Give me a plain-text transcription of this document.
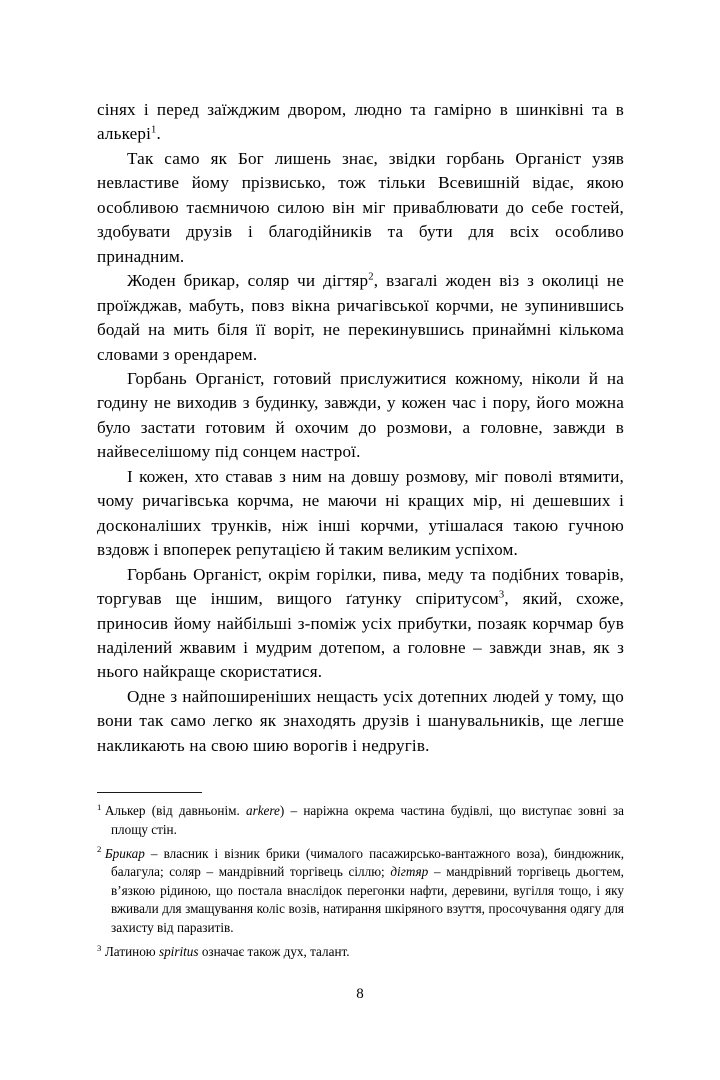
сінях і перед заїжджим двором, людно та гамірно в шинківні та в алькері$^1$.

Так само як Бог лишень знає, звідки горбань Органіст узяв невластиве йому прізвисько, тож тільки Всевишній відає, якою особливою таємничою силою він міг приваблювати до себе гостей, здобувати друзів і благодійників та бути для всіх особливо принадним.

Жоден брикар, соляр чи дігтяр$^2$, взагалі жоден віз з околиці не проїжджав, мабуть, повз вікна ричагівської корчми, не зупинившись бодай на мить біля її воріт, не перекинувшись принаймні кількома словами з орендарем.

Горбань Органіст, готовий прислужитися кожному, ніколи й на годину не виходив з будинку, завжди, у кожен час і пору, його можна було застати готовим й охочим до розмови, а головне, завжди в найвеселішому під сонцем настрої.

І кожен, хто ставав з ним на довшу розмову, міг поволі втямити, чому ричагівська корчма, не маючи ні кращих мір, ні дешевших і досконаліших трунків, ніж інші корчми, утішалася такою гучною вздовж і впоперек репутацією й таким великим успіхом.

Горбань Органіст, окрім горілки, пива, меду та подібних товарів, торгував ще іншим, вищого ґатунку спіритусом$^3$, який, схоже, приносив йому найбільші з-поміж усіх прибутки, позаяк корчмар був наділений жвавим і мудрим дотепом, а головне – завжди знав, як з нього найкраще скористатися.

Одне з найпоширеніших нещасть усіх дотепних людей у тому, що вони так само легко як знаходять друзів і шанувальників, ще легше накликають на свою шию ворогів і недругів.

$^1$ Алькер (від давньонім. arkere) – наріжна окрема частина будівлі, що виступає зовні за площу стін.

$^2$ Брикар – власник і візник брики (чималого пасажирсько-вантажного воза), биндюжник, балагула; соляр – мандрівний торгівець сіллю; дігтяр – мандрівний торгівець дьогтем, в’язкою рідиною, що постала внаслідок перегонки нафти, деревини, вугілля тощо, і яку вживали для змащування коліс возів, натирання шкіряного взуття, просочування одягу для захисту від паразитів.

$^3$ Латиною spiritus означає також дух, талант.

8
